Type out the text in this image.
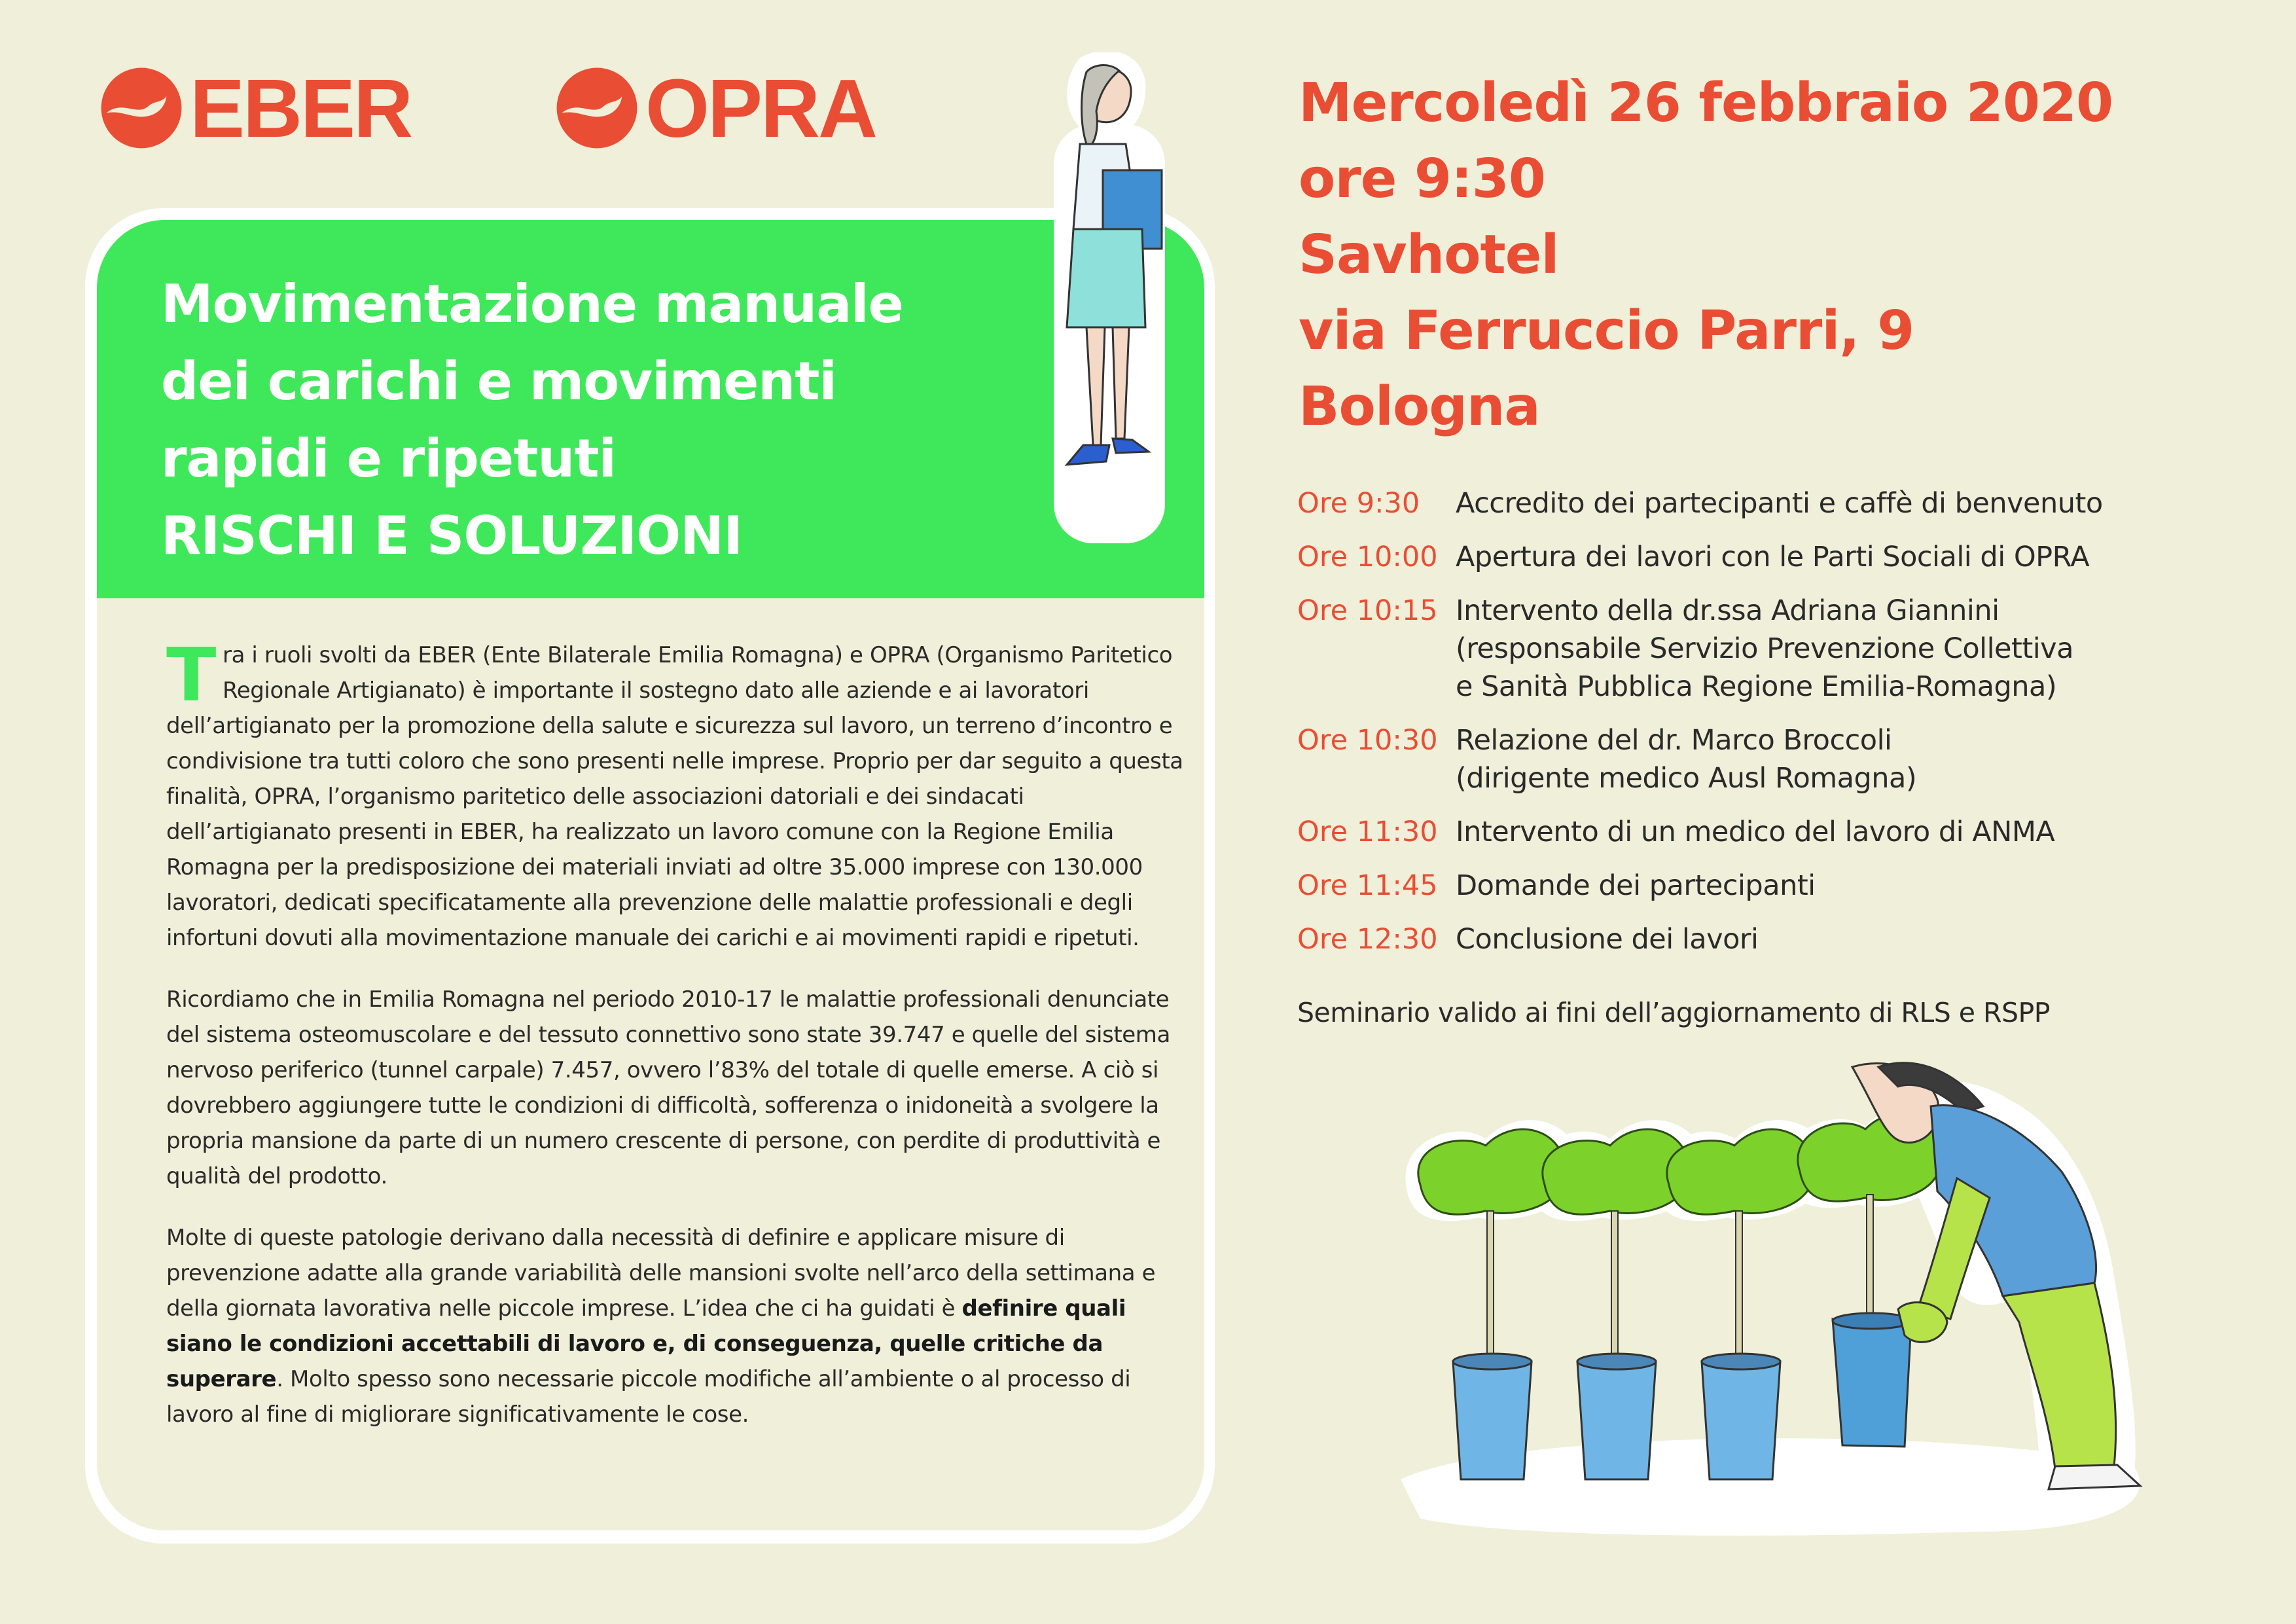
EBER	OPRA
Movimentazione manuale
dei carichi e movimenti
rapidi e ripetuti
RISCHI E SOLUZIONI

Tra i ruoli svolti da EBER (Ente Bilaterale Emilia Romagna) e OPRA (Organismo Paritetico Regionale Artigianato) è importante il sostegno dato alle aziende e ai lavoratori dell’artigianato per la promozione della salute e sicurezza sul lavoro, un terreno d’incontro e condivisione tra tutti coloro che sono presenti nelle imprese. Proprio per dar seguito a questa finalità, OPRA, l’organismo paritetico delle associazioni datoriali e dei sindacati dell’artigianato presenti in EBER, ha realizzato un lavoro comune con la Regione Emilia Romagna per la predisposizione dei materiali inviati ad oltre 35.000 imprese con 130.000 lavoratori, dedicati specificatamente alla prevenzione delle malattie professionali e degli infortuni dovuti alla movimentazione manuale dei carichi e ai movimenti rapidi e ripetuti.

Ricordiamo che in Emilia Romagna nel periodo 2010-17 le malattie professionali denunciate del sistema osteomuscolare e del tessuto connettivo sono state 39.747 e quelle del sistema nervoso periferico (tunnel carpale) 7.457, ovvero l’83% del totale di quelle emerse. A ciò si dovrebbero aggiungere tutte le condizioni di difficoltà, sofferenza o inidoneità a svolgere la propria mansione da parte di un numero crescente di persone, con perdite di produttività e qualità del prodotto.

Molte di queste patologie derivano dalla necessità di definire e applicare misure di prevenzione adatte alla grande variabilità delle mansioni svolte nell’arco della settimana e della giornata lavorativa nelle piccole imprese. L’idea che ci ha guidati è definire quali siano le condizioni accettabili di lavoro e, di conseguenza, quelle critiche da superare. Molto spesso sono necessarie piccole modifiche all’ambiente o al processo di lavoro al fine di migliorare significativamente le cose.

Mercoledì 26 febbraio 2020
ore 9:30
Savhotel
via Ferruccio Parri, 9
Bologna
Ore 9:30	Accredito dei partecipanti e caffè di benvenuto
Ore 10:00 Apertura dei lavori con le Parti Sociali di OPRA
Ore 10:15 Intervento della dr.ssa Adriana Giannini
(responsabile Servizio Prevenzione Collettiva
e Sanità Pubblica Regione Emilia-Romagna)
Ore 10:30 Relazione del dr. Marco Broccoli
(dirigente medico Ausl Romagna)
Ore 11:30 Intervento di un medico del lavoro di ANMA
Ore 11:45 Domande dei partecipanti
Ore 12:30 Conclusione dei lavori
Seminario valido ai fini dell’aggiornamento di RLS e RSPP
